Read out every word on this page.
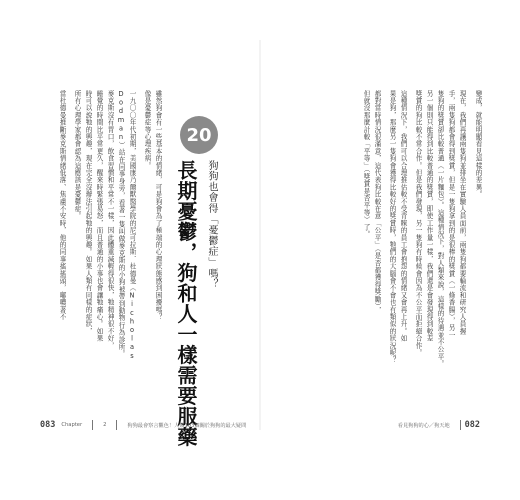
20
狗狗也會得「憂鬱症」嗎？
長期憂鬱，狗和人一樣需要服藥
雖然狗會有一些基本的情緒，可是狗會為了極端的心理狀態感到困擾嗎？
像是憂鬱症等心理疾病。
一九〇〇年代初期，美國康乃爾獸醫學院的尼可拉斯．杜德曼（Nicholas
Dodman）站在同事身旁，看著一隻叫做麥克斯的小狗被帶到動物行為診所。
麥克斯沒有胃口，飲食習慣和平常不一樣，因此體重減輕得很快，牠精神很不好，
睡覺的時間比平常更久，醒來時緊張易怒，而且普通的小事也會讓牠痛心。如果
時可以說牠的興趣，現在完全沒辦法引起牠的興趣。如果人類有同樣的症狀，
所有心理學家都會認為這應該是憂鬱症。
當杜德曼推斷麥克斯情緒低落、焦慮不安時，他的同事搖搖頭，嘟噥著不
083 Chapter	2	狗狗最會察言觀色！人類103個關於狗狗的最大疑問
變成，就能明顯看見這樣的差異。
現在，我們再讓兩隻狗並排坐在實驗人員面前，兩隻狗都要輪流和研究人員握
手，兩隻狗都會得到獎賞，但是一隻狗拿到的是很棒的獎賞（一條香腸），另一
隻狗的獎賞卻比較普通（一片麵包）。這種情況下，對人類來說，這樣的待遇並不公平。
另一個則只能得到比較普通的獎賞，即使工作量一樣，我們還是會發現得到較差
獎賞的狗比較不常合作。但是我們發現，另一隻狗有時候會因為不公平而拒絕合作。
這種情況下，我們可以合理推估較不受青睞的員工會抱怨的情緒又會再上升。如
果是狗，那麼另一隻狗會獲得比較好的獎賞時，牠們的大腦會不會也有類似的狀況呢？
都對當時情況很滿意，這代表狗比較在意「公平」（是否都獲得獎勵），
但就沒那麼計較「平等」（獎賞是否平等）了。
看見狗狗的心／狗天地 082
